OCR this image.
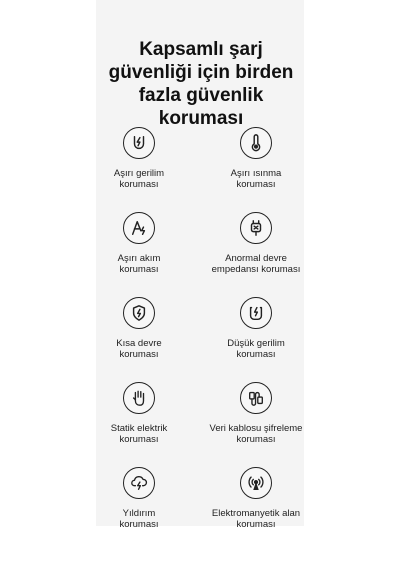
Kapsamlı şarj güvenliği için birden fazla güvenlik koruması
Aşırı gerilim
koruması
Aşırı ısınma
koruması
Aşırı akım
koruması
Anormal devre
empedansı koruması
Kısa devre
koruması
Düşük gerilim
koruması
Statik elektrik
koruması
Veri kablosu şifreleme
koruması
Yıldırım
koruması
Elektromanyetik alan
koruması
